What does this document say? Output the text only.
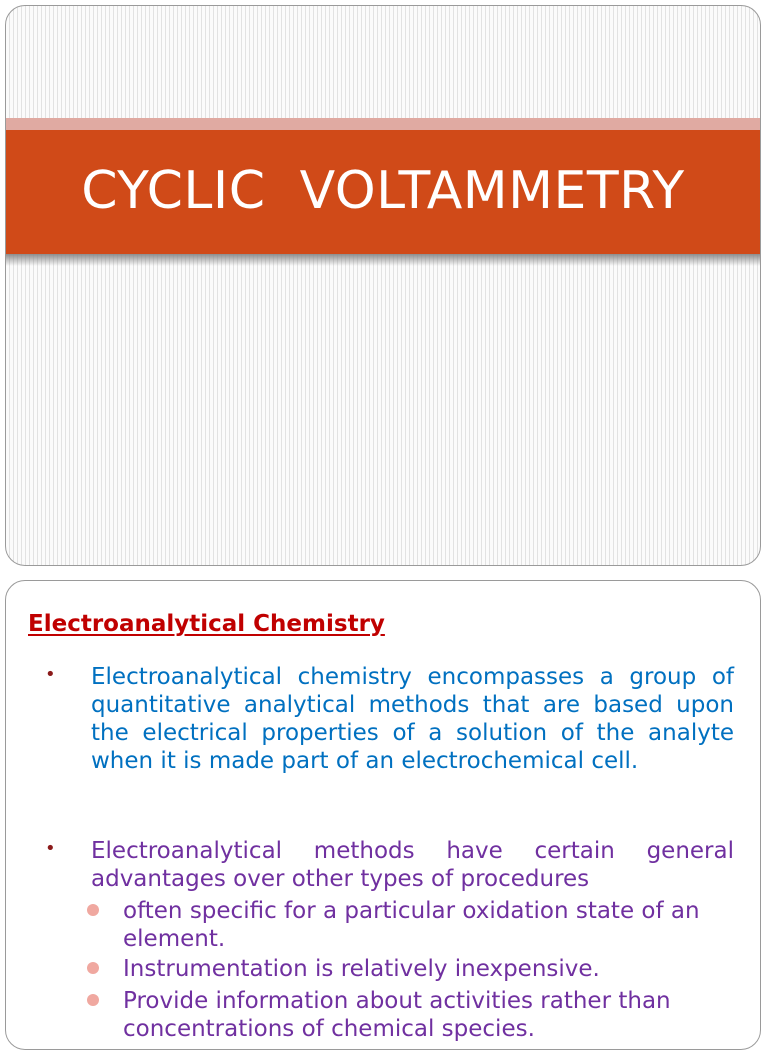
CYCLIC  VOLTAMMETRY
Electroanalytical Chemistry
• Electroanalytical chemistry encompasses a group of quantitative analytical methods that are based upon the electrical properties of a solution of the analyte when it is made part of an electrochemical cell.
• Electroanalytical methods have certain general advantages over other types of procedures
often specific for a particular oxidation state of an element.
Instrumentation is relatively inexpensive.
Provide information about activities rather than concentrations of chemical species.
